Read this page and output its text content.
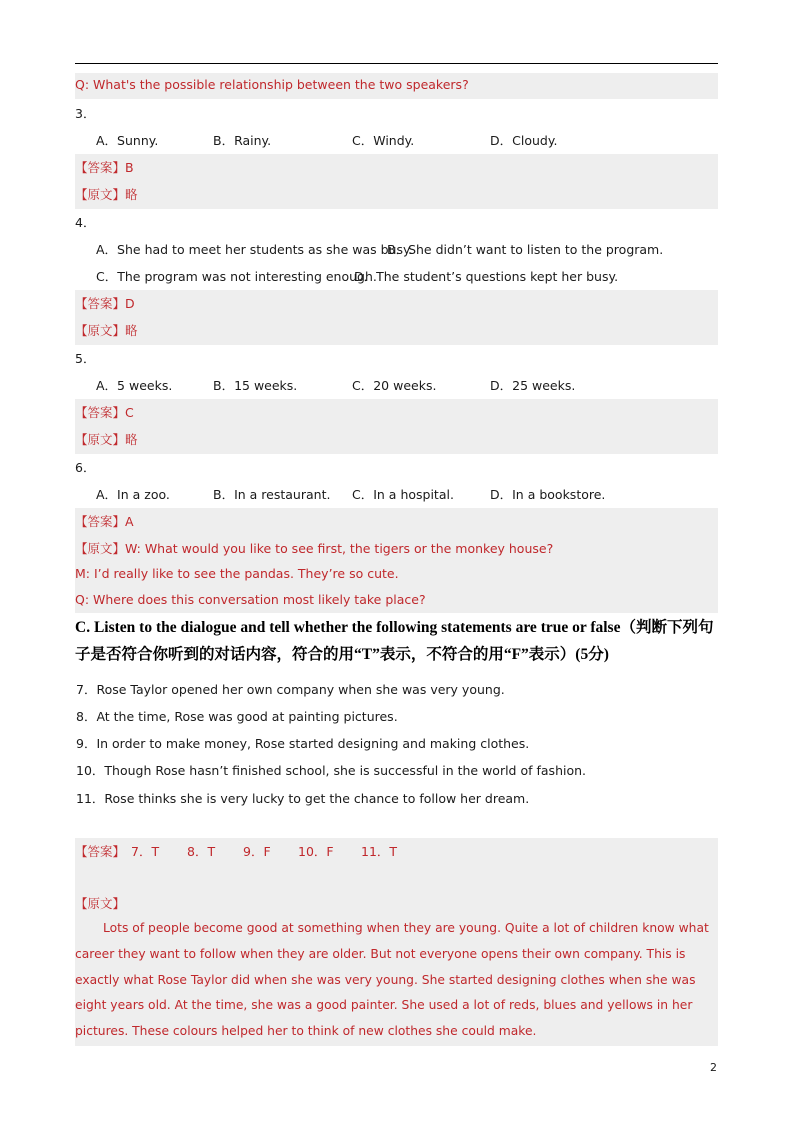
Q: What's the possible relationship between the two speakers?
3．
A．Sunny.	B．Rainy.	C．Windy.	D．Cloudy.
【答案】B
【原文】略
4．
A．She had to meet her students as she was busy.
B．She didn’t want to listen to the program.
C．The program was not interesting enough.
D．The student’s questions kept her busy.
【答案】D
【原文】略
5．
A．5 weeks.	B．15 weeks.	C．20 weeks.	D．25 weeks.
【答案】C
【原文】略
6．
A．In a zoo.	B．In a restaurant. C．In a hospital.	D．In a bookstore.
【答案】A
【原文】W: What would you like to see first, the tigers or the monkey house?
M: I’d really like to see the pandas. They’re so cute.
Q: Where does this conversation most likely take place?
C. Listen to the dialogue and tell whether the following statements are true or false（判断下列句子是否符合你听到的对话内容，符合的用“T”表示，不符合的用“F”表示）(5分)
7．Rose Taylor opened her own company when she was very young.
8．At the time, Rose was good at painting pictures.
9．In order to make money, Rose started designing and making clothes.
10．Though Rose hasn’t finished school, she is successful in the world of fashion.
11．Rose thinks she is very lucky to get the chance to follow her dream.
【答案】 7．T 8．T 9．F 10．F 11．T
【原文】
Lots of people become good at something when they are young. Quite a lot of children know what career they want to follow when they are older. But not everyone opens their own company. This is exactly what Rose Taylor did when she was very young. She started designing clothes when she was eight years old. At the time, she was a good painter. She used a lot of reds, blues and yellows in her pictures. These colours helped her to think of new clothes she could make.
2
